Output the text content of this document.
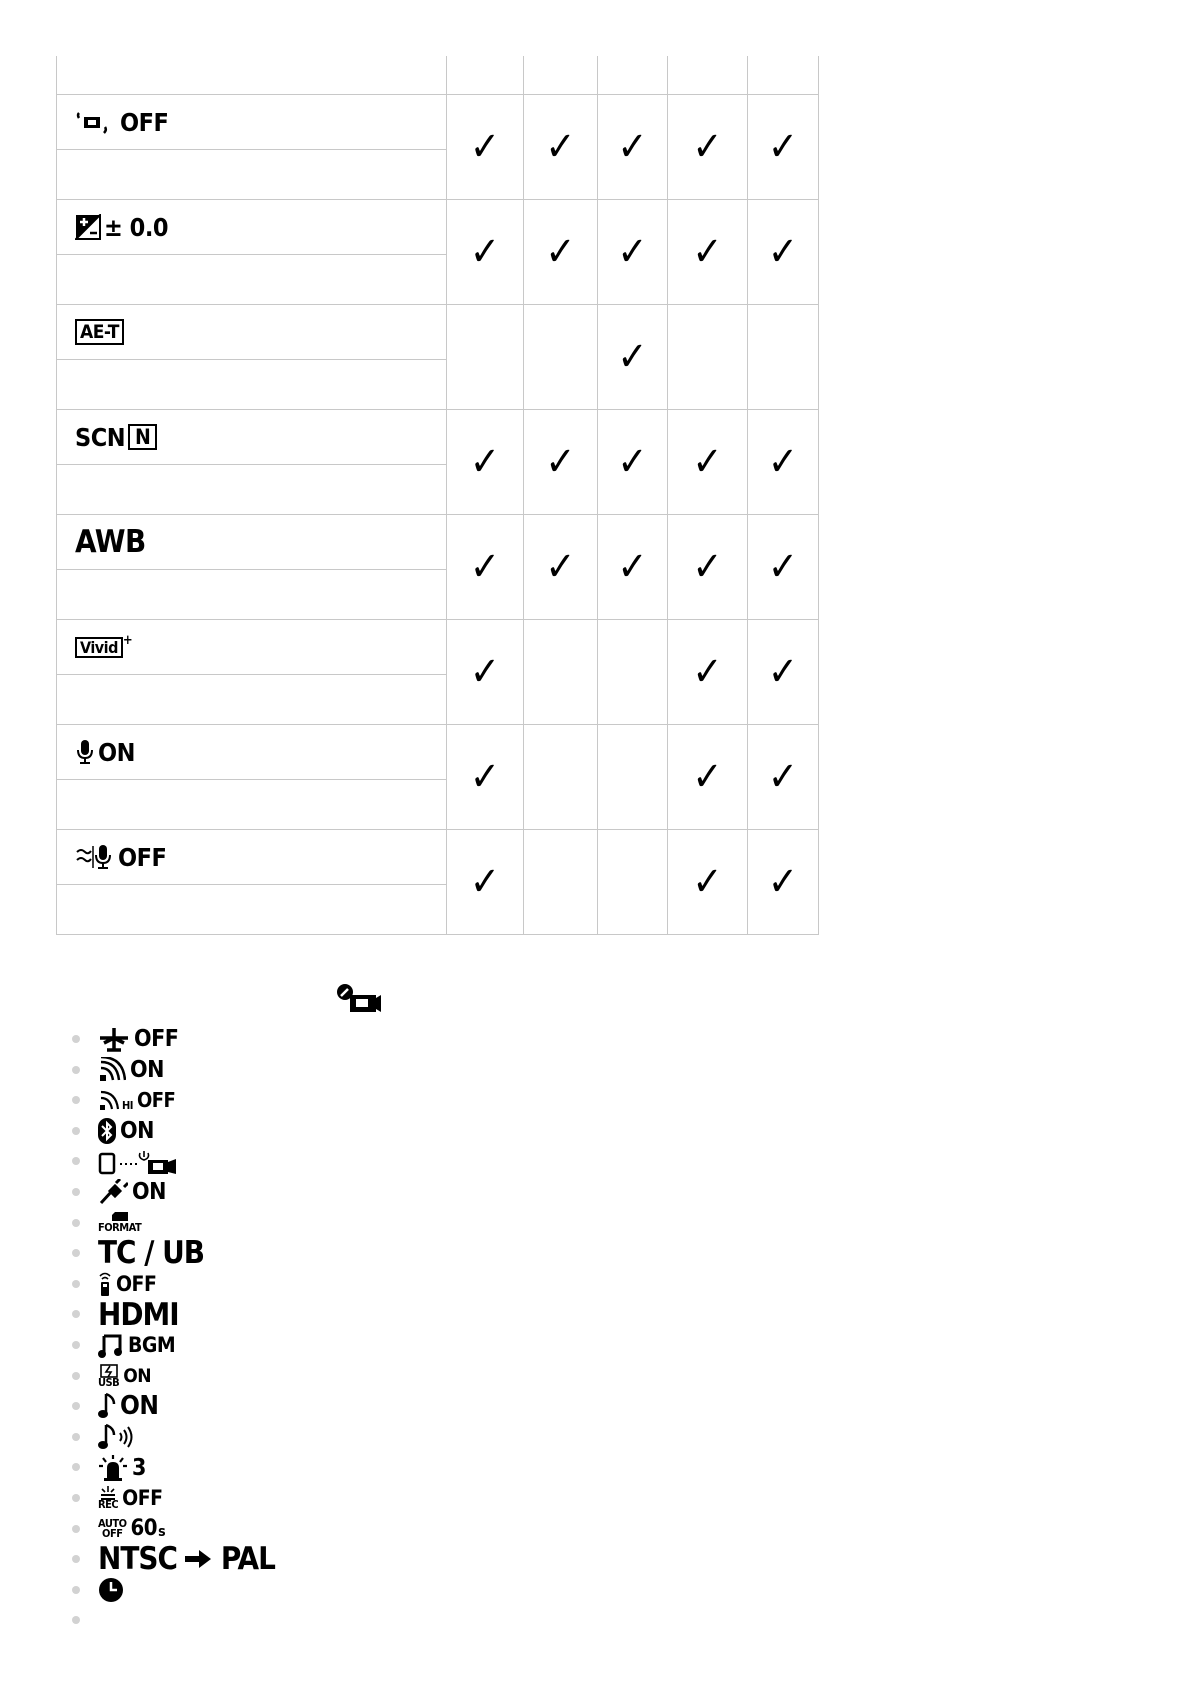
OFF	✓	✓	✓	✓	✓

± 0.0	✓	✓	✓	✓	✓

AE-T			✓		

SCN N	✓	✓	✓	✓	✓

AWB	✓	✓	✓	✓	✓

Vivid +	✓			✓	✓

ON	✓			✓	✓

OFF	✓			✓	✓
OFF
ON
HI OFF
ON
ON
FORMAT
TC / UB
OFF
HDMI
BGM
USB ON
ON
3
REC OFF
AUTO
OFF 60 s
NTSC PAL
